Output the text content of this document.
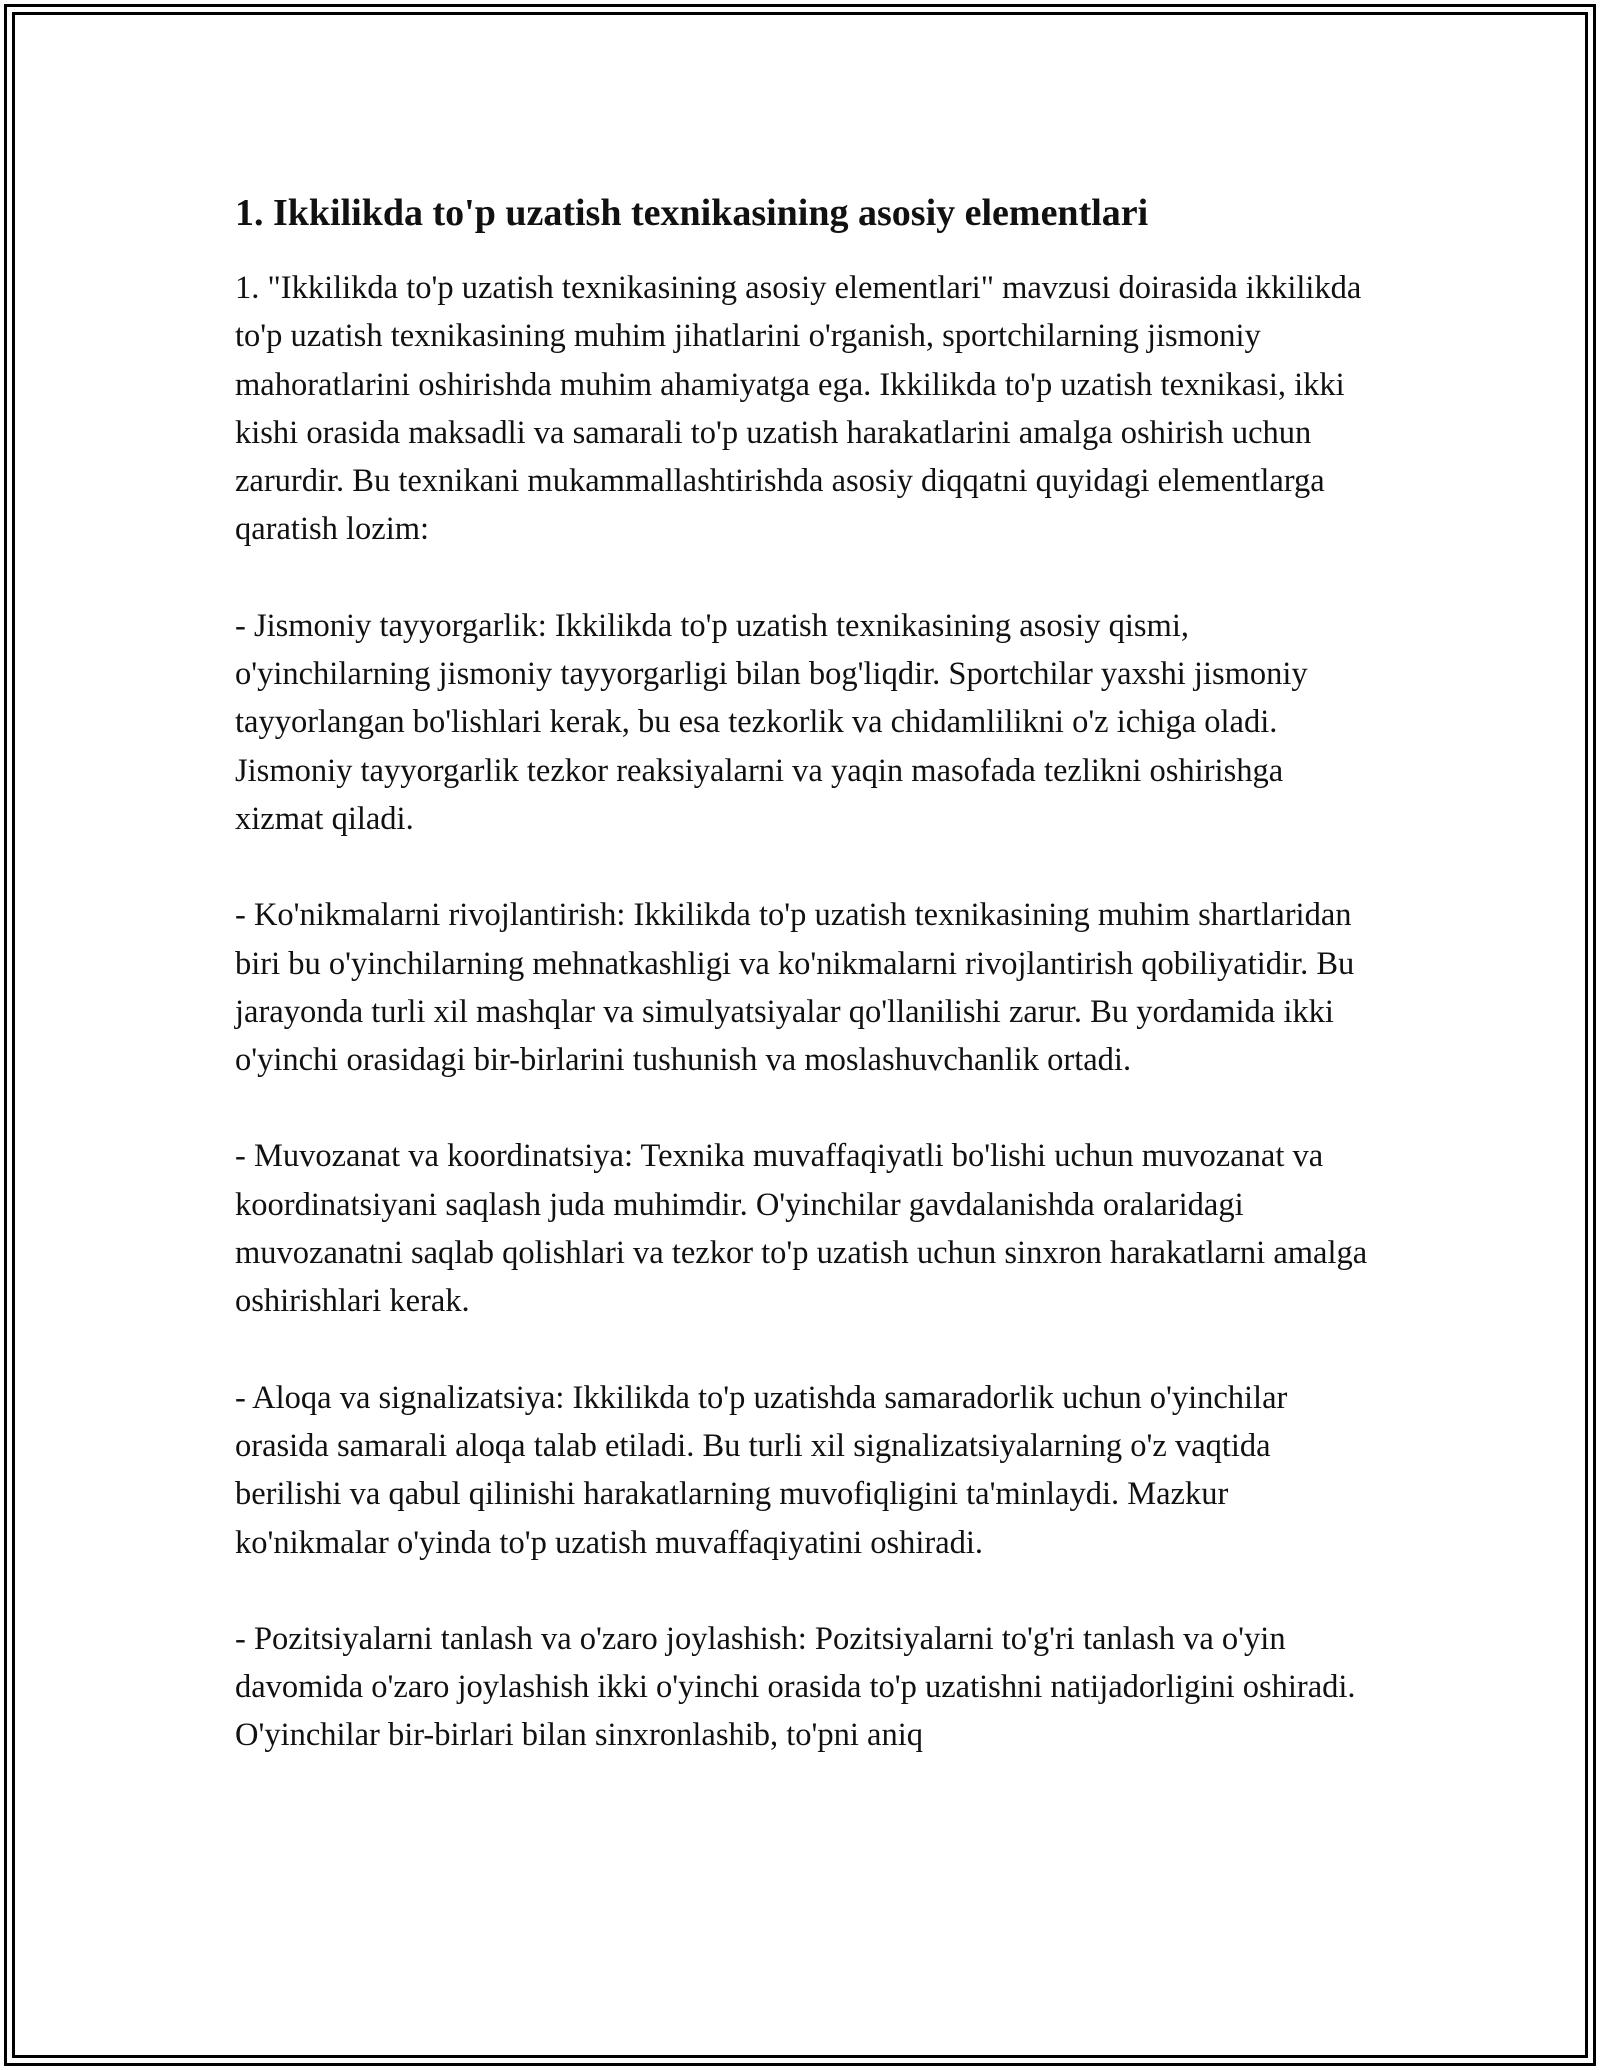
1. Ikkilikda to'p uzatish texnikasining asosiy elementlari

1. "Ikkilikda to'p uzatish texnikasining asosiy elementlari" mavzusi doirasida ikkilikda to'p uzatish texnikasining muhim jihatlarini o'rganish, sportchilarning jismoniy mahoratlarini oshirishda muhim ahamiyatga ega. Ikkilikda to'p uzatish texnikasi, ikki kishi orasida maksadli va samarali to'p uzatish harakatlarini amalga oshirish uchun zarurdir. Bu texnikani mukammallashtirishda asosiy diqqatni quyidagi elementlarga qaratish lozim:

- Jismoniy tayyorgarlik: Ikkilikda to'p uzatish texnikasining asosiy qismi, o'yinchilarning jismoniy tayyorgarligi bilan bog'liqdir. Sportchilar yaxshi jismoniy tayyorlangan bo'lishlari kerak, bu esa tezkorlik va chidamlilikni o'z ichiga oladi. Jismoniy tayyorgarlik tezkor reaksiyalarni va yaqin masofada tezlikni oshirishga xizmat qiladi.

- Ko'nikmalarni rivojlantirish: Ikkilikda to'p uzatish texnikasining muhim shartlaridan biri bu o'yinchilarning mehnatkashligi va ko'nikmalarni rivojlantirish qobiliyatidir. Bu jarayonda turli xil mashqlar va simulyatsiyalar qo'llanilishi zarur. Bu yordamida ikki o'yinchi orasidagi bir-birlarini tushunish va moslashuvchanlik ortadi.

- Muvozanat va koordinatsiya: Texnika muvaffaqiyatli bo'lishi uchun muvozanat va koordinatsiyani saqlash juda muhimdir. O'yinchilar gavdalanishda oralaridagi muvozanatni saqlab qolishlari va tezkor to'p uzatish uchun sinxron harakatlarni amalga oshirishlari kerak.

- Aloqa va signalizatsiya: Ikkilikda to'p uzatishda samaradorlik uchun o'yinchilar orasida samarali aloqa talab etiladi. Bu turli xil signalizatsiyalarning o'z vaqtida berilishi va qabul qilinishi harakatlarning muvofiqligini ta'minlaydi. Mazkur ko'nikmalar o'yinda to'p uzatish muvaffaqiyatini oshiradi.

- Pozitsiyalarni tanlash va o'zaro joylashish: Pozitsiyalarni to'g'ri tanlash va o'yin davomida o'zaro joylashish ikki o'yinchi orasida to'p uzatishni natijadorligini oshiradi. O'yinchilar bir-birlari bilan sinxronlashib, to'pni aniq
